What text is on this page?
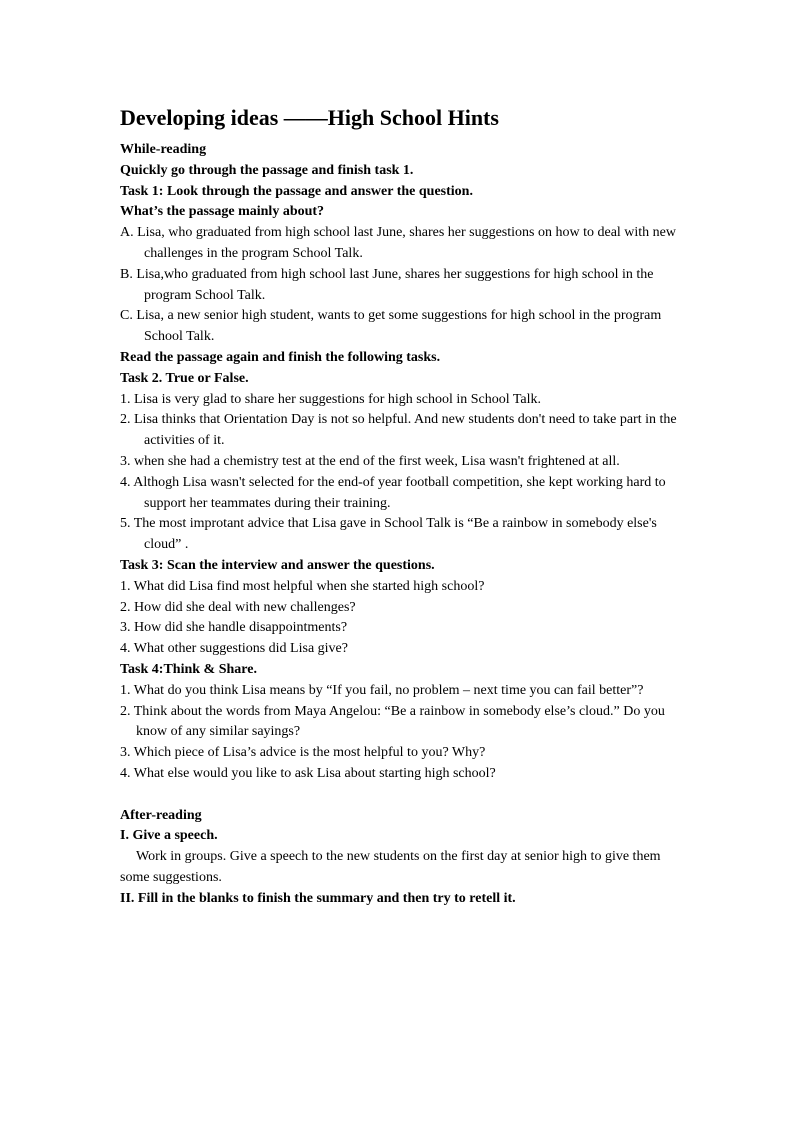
Developing ideas ——High School Hints

While-reading

Quickly go through the passage and finish task 1.

Task 1: Look through the passage and answer the question.

What’s the passage mainly about?

A. Lisa, who graduated from high school last June, shares her suggestions on how to deal with new challenges in the program School Talk.

B. Lisa,who graduated from high school last June, shares her suggestions for high school in the program School Talk.

C. Lisa, a new senior high student, wants to get some suggestions for high school in the program School Talk.

Read the passage again and finish the following tasks.

Task 2. True or False.

1. Lisa is very glad to share her suggestions for high school in School Talk.

2. Lisa thinks that Orientation Day is not so helpful. And new students don't need to take part in the activities of it.

3. when she had a chemistry test at the end of the first week, Lisa wasn't frightened at all.

4. Althogh Lisa wasn't selected for the end-of year football competition, she kept working hard to support her teammates during their training.

5. The most improtant advice that Lisa gave in School Talk is “Be a rainbow in somebody else's cloud” .

Task 3: Scan the interview and answer the questions.

1. What did Lisa find most helpful when she started high school?

2. How did she deal with new challenges?

3. How did she handle disappointments?

4. What other suggestions did Lisa give?

Task 4:Think & Share.

1. What do you think Lisa means by “If you fail, no problem – next time you can fail better”?

2. Think about the words from Maya Angelou: “Be a rainbow in somebody else’s cloud.” Do you know of any similar sayings?

3. Which piece of Lisa’s advice is the most helpful to you? Why?

4. What else would you like to ask Lisa about starting high school?

After-reading

I. Give a speech.

Work in groups. Give a speech to the new students on the first day at senior high to give them some suggestions.

II. Fill in the blanks to finish the summary and then try to retell it.
